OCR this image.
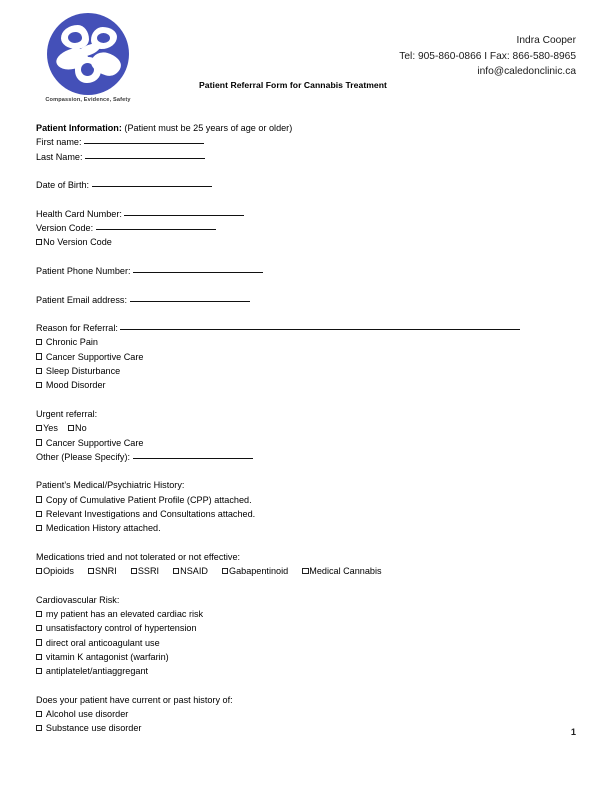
Compassion, Evidence, Safety
Indra Cooper
Tel: 905-860-0866 I Fax: 866-580-8965
info@caledonclinic.ca
Patient Referral Form for Cannabis Treatment
Patient Information: (Patient must be 25 years of age or older)
First name:
Last Name:
Date of Birth:
Health Card Number:
Version Code:
No Version Code
Patient Phone Number:
Patient Email address:
Reason for Referral:
Chronic Pain
Cancer Supportive Care
Sleep Disturbance
Mood Disorder
Urgent referral:
Yes No
Cancer Supportive Care
Other (Please Specify):
Patient’s Medical/Psychiatric History:
Copy of Cumulative Patient Profile (CPP) attached.
Relevant Investigations and Consultations attached.
Medication History attached.
Medications tried and not tolerated or not effective:
Opioids SNRI SSRI NSAID Gabapentinoid Medical Cannabis
Cardiovascular Risk:
my patient has an elevated cardiac risk
unsatisfactory control of hypertension
direct oral anticoagulant use
vitamin K antagonist (warfarin)
antiplatelet/antiaggregant
Does your patient have current or past history of:
Alcohol use disorder
Substance use disorder	1
